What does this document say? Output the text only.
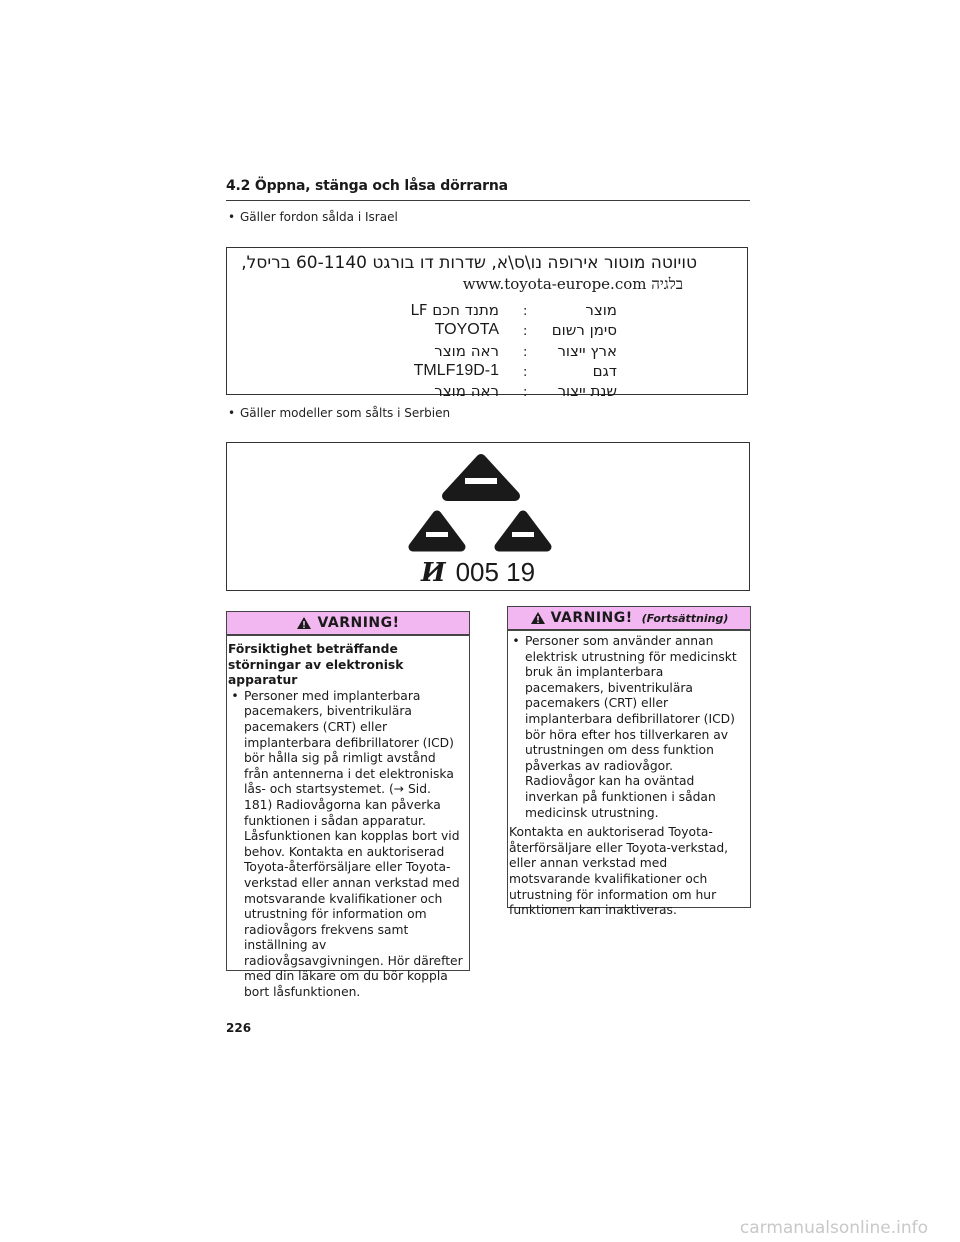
4.2 Öppna, stänga och låsa dörrarna
• Gäller fordon sålda i Israel
טויוטה מוטור אירופה נו\ס\א, שדרות דו בורגט 60-1140 בריסל,
בלגיה www.toyota-europe.com
מוצר
:
מתנד חכם LF
סימן רשום
:
TOYOTA
ארץ ייצור
:
ראה מוצר
דגם
:
TMLF19D-1
שנת ייצור
:
ראה מוצר
• Gäller modeller som sålts i Serbien
И 005 19
VARNING!
Försiktighet beträffande störningar av elektronisk apparatur
• Personer med implanterbara pacemakers, biventrikulära pacemakers (CRT) eller implanterbara defibrillatorer (ICD) bör hålla sig på rimligt avstånd från antennerna i det elektroniska lås- och startsystemet. (→ Sid. 181) Radiovågorna kan påverka funktionen i sådan apparatur. Låsfunktionen kan kopplas bort vid behov. Kontakta en auktoriserad Toyota-återförsäljare eller Toyota-verkstad eller annan verkstad med motsvarande kvalifikationer och utrustning för information om radiovågors frekvens samt inställning av radiovågsavgivningen. Hör därefter med din läkare om du bör koppla bort låsfunktionen.
VARNING! (Fortsättning)
• Personer som använder annan elektrisk utrustning för medicinskt bruk än implanterbara pacemakers, biventrikulära pacemakers (CRT) eller implanterbara defibrillatorer (ICD) bör höra efter hos tillverkaren av utrustningen om dess funktion påverkas av radiovågor. Radiovågor kan ha oväntad inverkan på funktionen i sådan medicinsk utrustning.
Kontakta en auktoriserad Toyota-återförsäljare eller Toyota-verkstad, eller annan verkstad med motsvarande kvalifikationer och utrustning för information om hur funktionen kan inaktiveras.
226
carmanualsonline.info
